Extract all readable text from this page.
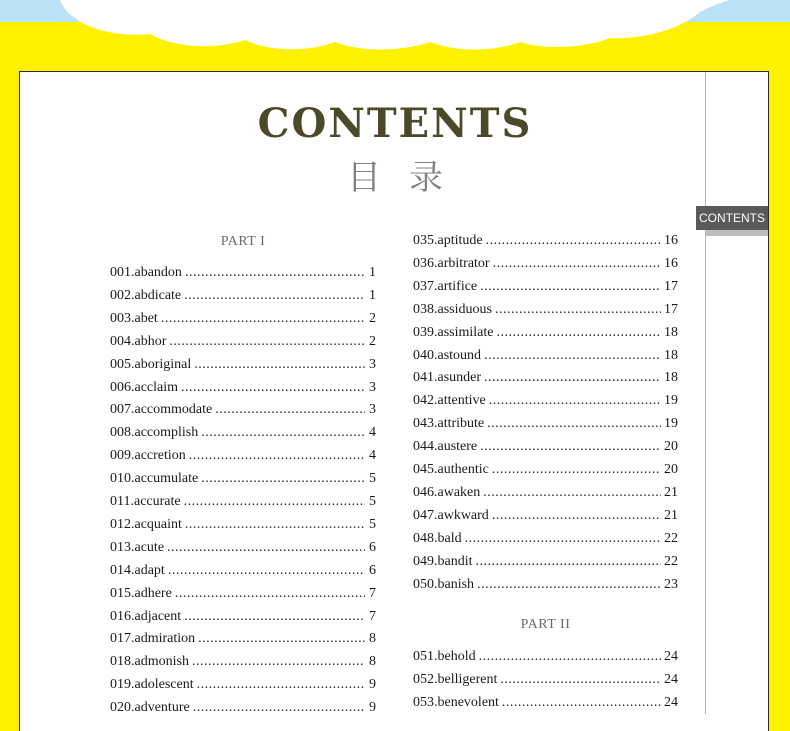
CONTENTS
CONTENTS
目录
PART I
001.abandon .....	1
002.abdicate .....	1
003.abet .....	2
004.abhor .....	2
005.aboriginal .....	3
006.acclaim .....	3
007.accommodate .....	3
008.accomplish .....	4
009.accretion .....	4
010.accumulate .....	5
011.accurate .....	5
012.acquaint .....	5
013.acute .....	6
014.adapt .....	6
015.adhere .....	7
016.adjacent .....	7
017.admiration .....	8
018.admonish .....	8
019.adolescent .....	9
020.adventure .....	9
035.aptitude .....	16
036.arbitrator .....	16
037.artifice .....	17
038.assiduous .....	17
039.assimilate .....	18
040.astound .....	18
041.asunder .....	18
042.attentive .....	19
043.attribute .....	19
044.austere .....	20
045.authentic .....	20
046.awaken .....	21
047.awkward .....	21
048.bald .....	22
049.bandit .....	22
050.banish .....	23
PART II
051.behold .....	24
052.belligerent .....	24
053.benevolent .....	24
